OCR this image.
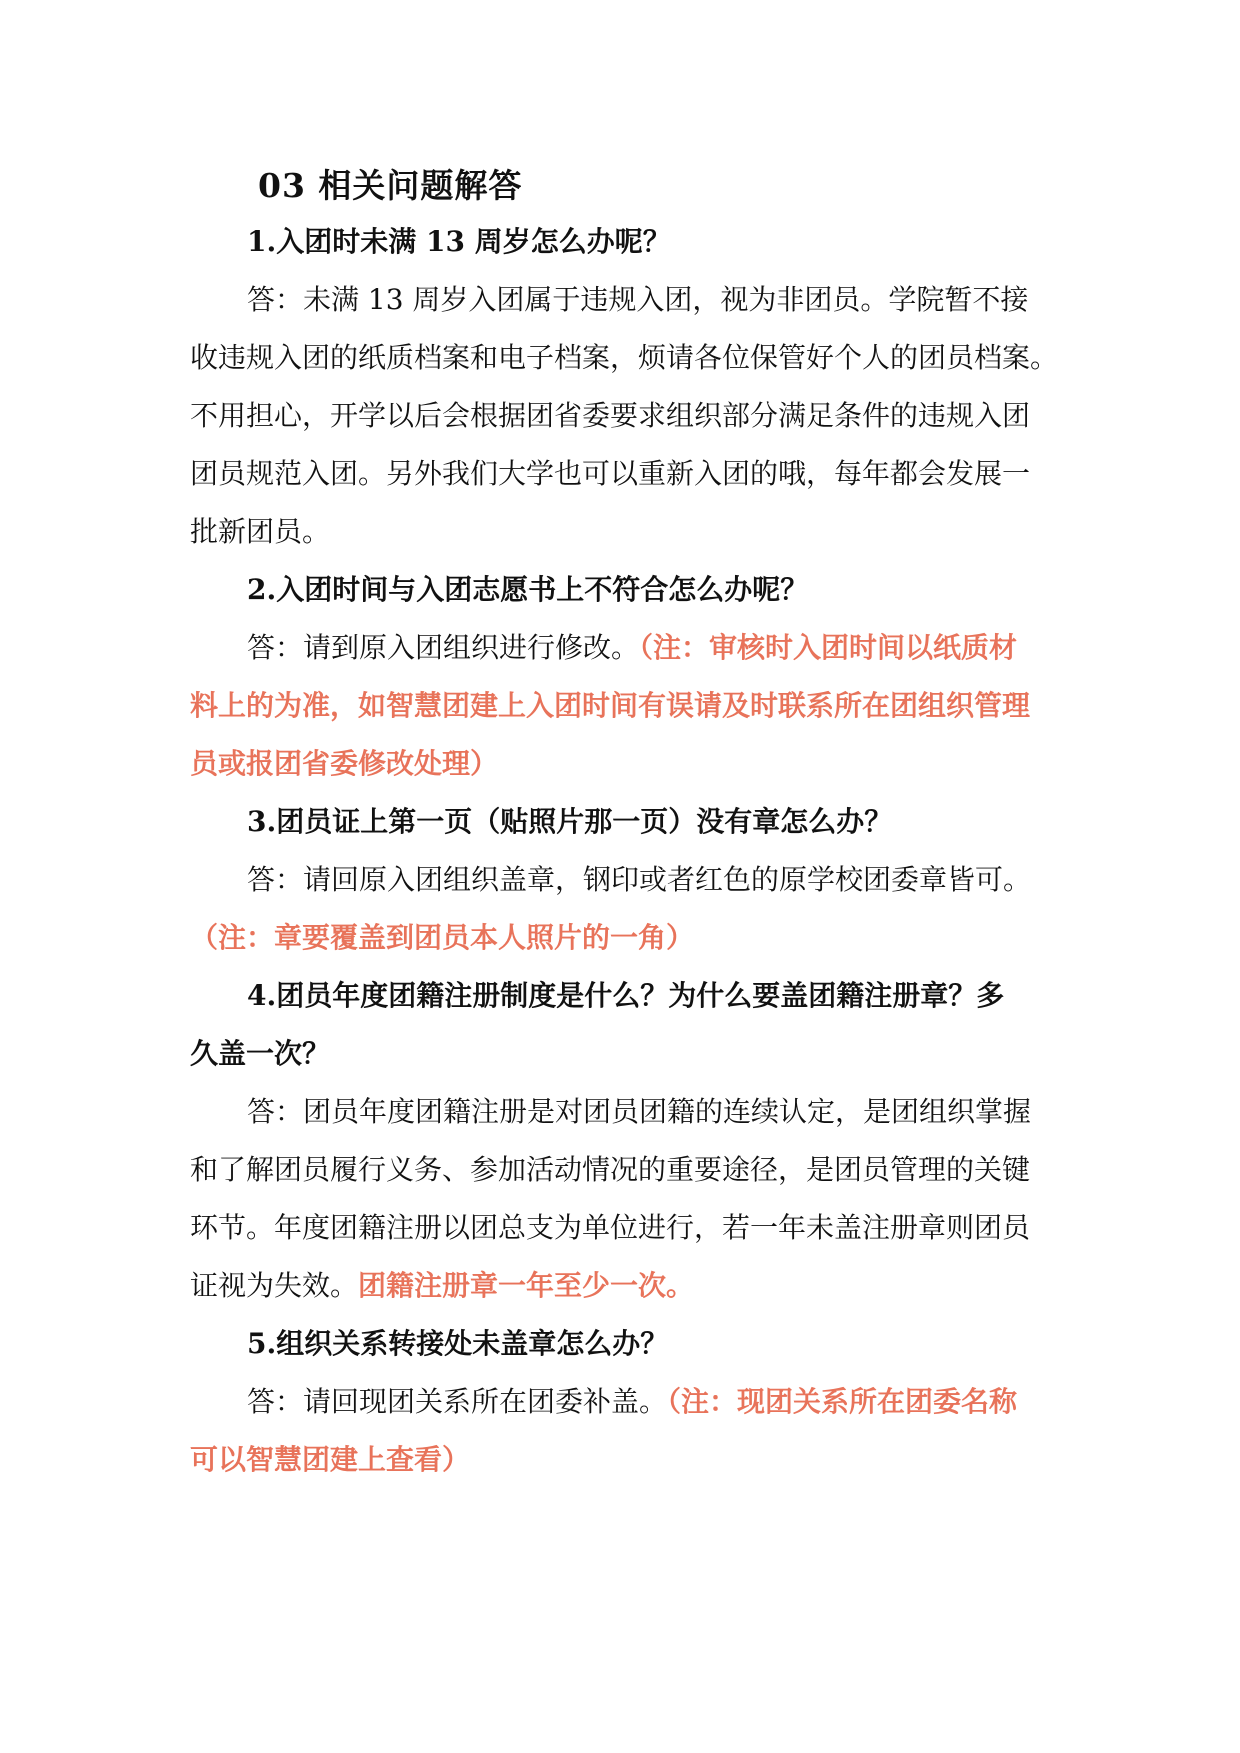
03 相关问题解答
1.入团时未满 13 周岁怎么办呢？
答：未满 13 周岁入团属于违规入团，视为非团员。学院暂不接
收违规入团的纸质档案和电子档案，烦请各位保管好个人的团员档案。
不用担心，开学以后会根据团省委要求组织部分满足条件的违规入团
团员规范入团。另外我们大学也可以重新入团的哦，每年都会发展一
批新团员。
2.入团时间与入团志愿书上不符合怎么办呢？
答：请到原入团组织进行修改。（注：审核时入团时间以纸质材
料上的为准，如智慧团建上入团时间有误请及时联系所在团组织管理
员或报团省委修改处理）
3.团员证上第一页（贴照片那一页）没有章怎么办？
答：请回原入团组织盖章，钢印或者红色的原学校团委章皆可。
（注：章要覆盖到团员本人照片的一角）
4.团员年度团籍注册制度是什么？为什么要盖团籍注册章？多
久盖一次？
答：团员年度团籍注册是对团员团籍的连续认定，是团组织掌握
和了解团员履行义务、参加活动情况的重要途径，是团员管理的关键
环节。年度团籍注册以团总支为单位进行，若一年未盖注册章则团员
证视为失效。团籍注册章一年至少一次。
5.组织关系转接处未盖章怎么办？
答：请回现团关系所在团委补盖。（注：现团关系所在团委名称
可以智慧团建上查看）
